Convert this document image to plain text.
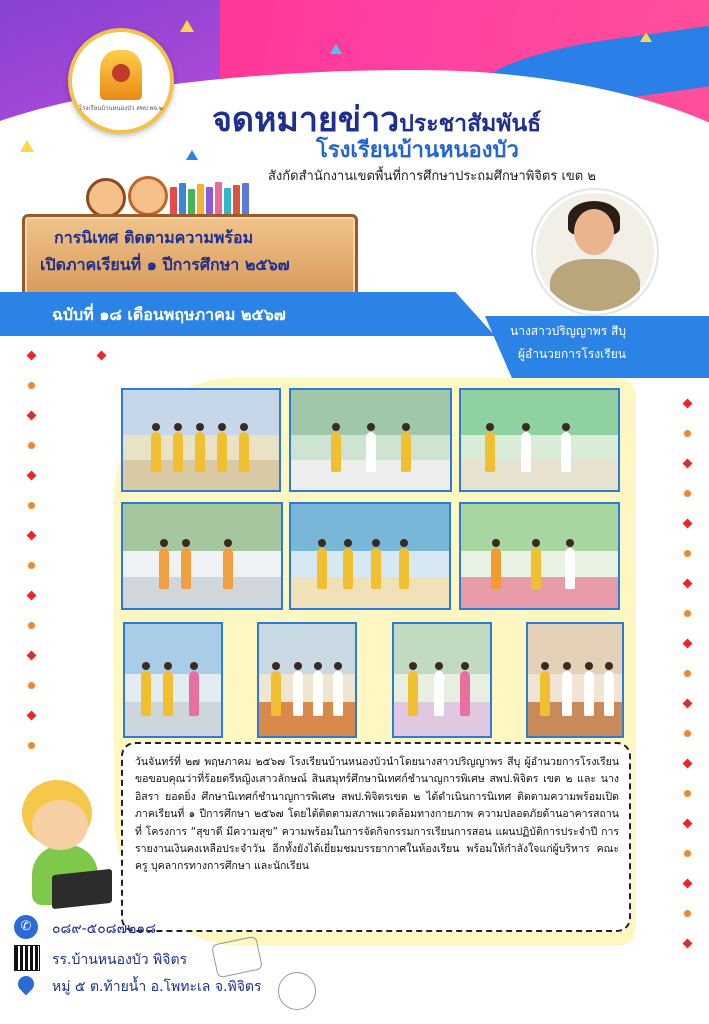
โรงเรียนบ้านหนองบัว สพป.พจ.๒ จดหมายข่าวประชาสัมพันธ์
โรงเรียนบ้านหนองบัว
สังกัดสำนักงานเขตพื้นที่การศึกษาประถมศึกษาพิจิตร เขต ๒
การนิเทศ ติดตามความพร้อม
เปิดภาคเรียนที่ ๑ ปีการศึกษา ๒๕๖๗
ฉบับที่ ๑๘ เดือนพฤษภาคม ๒๕๖๗
นางสาวปริญญาพร สีบุ
ผู้อำนวยการโรงเรียน

วันจันทร์ที่ ๒๗ พฤษภาคม ๒๕๖๗ โรงเรียนบ้านหนองบัวนำโดยนางสาวปริญญาพร สีบุ ผู้อำนวยการโรงเรียน ขอขอบคุณว่าที่ร้อยตรีหญิงเสาวลักษณ์ สินสมุทร์ศึกษานิเทศก์ชำนาญการพิเศษ สพป.พิจิตร เขต ๒ และ นางอิสรา ยอดยิ่ง ศึกษานิเทศก์ชำนาญการพิเศษ สพป.พิจิตรเขต ๒ ได้ดำเนินการนิเทศ ติดตามความพร้อมเปิดภาคเรียนที่ ๑ ปีการศึกษา ๒๕๖๗ โดยได้ติดตามสภาพแวดล้อมทางกายภาพ ความปลอดภัยด้านอาคารสถานที่ โครงการ “สุขาดี มีความสุข” ความพร้อมในการจัดกิจกรรมการเรียนการสอน แผนปฏิบัติการประจำปี การรายงานเงินคงเหลือประจำวัน อีกทั้งยังได้เยี่ยมชมบรรยากาศในห้องเรียน พร้อมให้กำลังใจแก่ผู้บริหาร คณะครู บุคลากรทางการศึกษา และนักเรียน

✆	๐๘๙-๕๐๘๗๒๑๘
รร.บ้านหนองบัว พิจิตร
หมู่ ๕ ต.ท้ายน้ำ อ.โพทะเล จ.พิจิตร
